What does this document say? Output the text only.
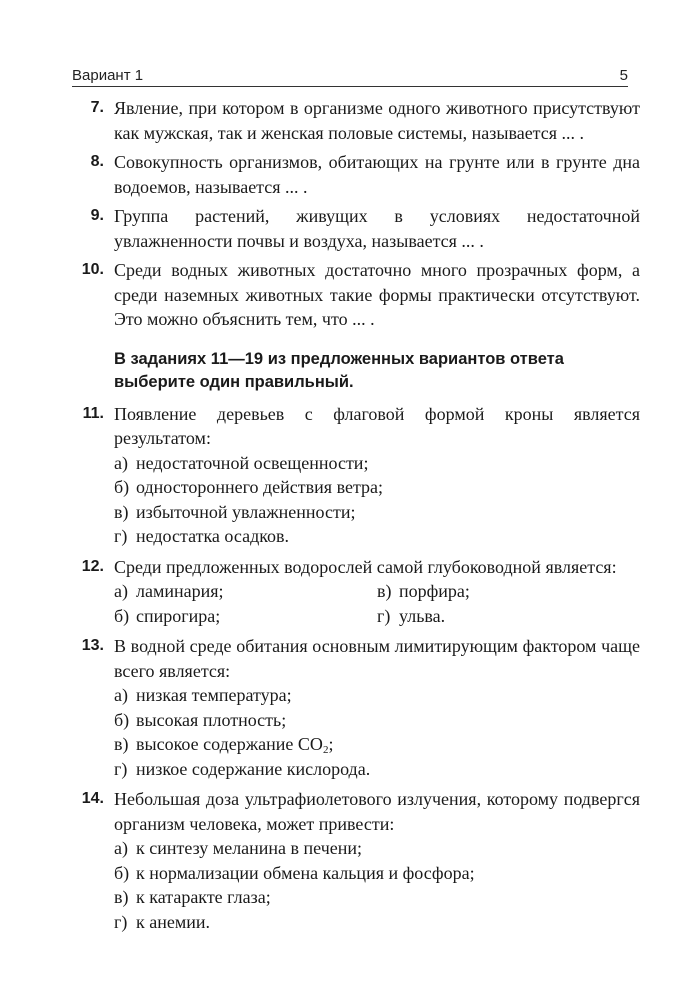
Вариант 1	5
7. Явление, при котором в организме одного животного присутствуют как мужская, так и женская половые системы, называется ... .
8. Совокупность организмов, обитающих на грунте или в грунте дна водоемов, называется ... .
9. Группа растений, живущих в условиях недостаточной увлажненности почвы и воздуха, называется ... .
10. Среди водных животных достаточно много прозрачных форм, а среди наземных животных такие формы практически отсутствуют. Это можно объяснить тем, что ... .
В заданиях 11—19 из предложенных вариантов ответа выберите один правильный.
11. Появление деревьев с флаговой формой кроны является результатом:
а) недостаточной освещенности;
б) одностороннего действия ветра;
в) избыточной увлажненности;
г) недостатка осадков.
12. Среди предложенных водорослей самой глубоководной является:
а) ламинария;	в) порфира;
б) спирогира;	г) ульва.
13. В водной среде обитания основным лимитирующим фактором чаще всего является:
а) низкая температура;
б) высокая плотность;
в) высокое содержание $CO_2$;
г) низкое содержание кислорода.
14. Небольшая доза ультрафиолетового излучения, которому подвергся организм человека, может привести:
а) к синтезу меланина в печени;
б) к нормализации обмена кальция и фосфора;
в) к катаракте глаза;
г) к анемии.
